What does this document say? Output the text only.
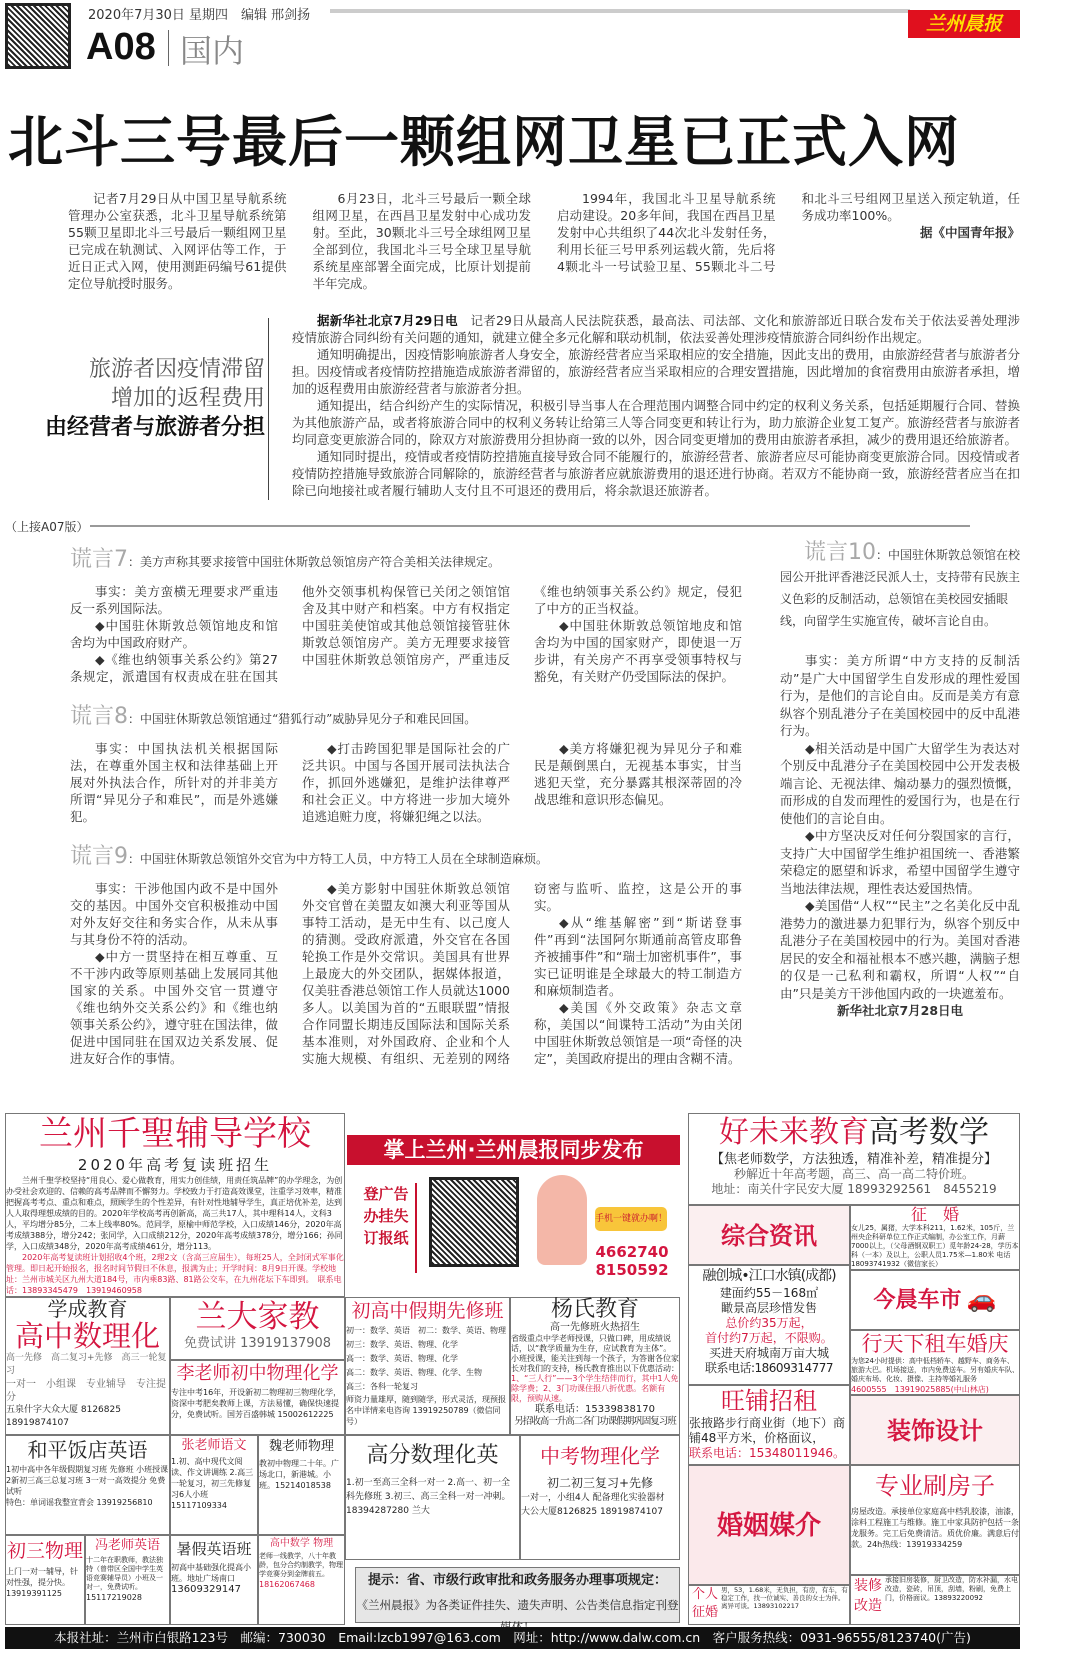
2020年7月30日 星期四　编辑 邢剑扬
A08 国内
兰州晨报
北斗三号最后一颗组网卫星已正式入网

记者7月29日从中国卫星导航系统管理办公室获悉，北斗卫星导航系统第55颗卫星即北斗三号最后一颗组网卫星已完成在轨测试、入网评估等工作，于近日正式入网，使用测距码编号61提供定位导航授时服务。

6月23日，北斗三号最后一颗全球组网卫星，在西昌卫星发射中心成功发射。至此，30颗北斗三号全球组网卫星全部到位，我国北斗三号全球卫星导航系统星座部署全面完成，比原计划提前半年完成。

1994年，我国北斗卫星导航系统启动建设。20多年间，我国在西昌卫星发射中心共组织了44次北斗发射任务，利用长征三号甲系列运载火箭，先后将4颗北斗一号试验卫星、55颗北斗二号和北斗三号组网卫星送入预定轨道，任务成功率100%。

据《中国青年报》

旅游者因疫情滞留
增加的返程费用
由经营者与旅游者分担

据新华社北京7月29日电　 记者29日从最高人民法院获悉，最高法、司法部、文化和旅游部近日联合发布关于依法妥善处理涉疫情旅游合同纠纷有关问题的通知，就建立健全多元化解和联动机制，依法妥善处理涉疫情旅游合同纠纷作出规定。

通知明确提出，因疫情影响旅游者人身安全，旅游经营者应当采取相应的安全措施，因此支出的费用，由旅游经营者与旅游者分担。因疫情或者疫情防控措施造成旅游者滞留的，旅游经营者应当采取相应的合理安置措施，因此增加的食宿费用由旅游者承担，增加的返程费用由旅游经营者与旅游者分担。

通知提出，结合纠纷产生的实际情况，积极引导当事人在合理范围内调整合同中约定的权利义务关系，包括延期履行合同、替换为其他旅游产品，或者将旅游合同中的权利义务转让给第三人等合同变更和转让行为，助力旅游企业复工复产。旅游经营者与旅游者均同意变更旅游合同的，除双方对旅游费用分担协商一致的以外，因合同变更增加的费用由旅游者承担，减少的费用退还给旅游者。

通知同时提出，疫情或者疫情防控措施直接导致合同不能履行的，旅游经营者、旅游者应尽可能协商变更旅游合同。因疫情或者疫情防控措施导致旅游合同解除的，旅游经营者与旅游者应就旅游费用的退还进行协商。若双方不能协商一致，旅游经营者应当在扣除已向地接社或者履行辅助人支付且不可退还的费用后，将余款退还旅游者。

（上接A07版）
谎言7：美方声称其要求接管中国驻休斯敦总领馆房产符合美相关法律规定。

事实：美方蛮横无理要求严重违反一系列国际法。

◆中国驻休斯敦总领馆地皮和馆舍均为中国政府财产。

◆《维也纳领事关系公约》第27条规定，派遣国有权责成在驻在国其他外交领事机构保管已关闭之领馆馆舍及其中财产和档案。中方有权指定中国驻美使馆或其他总领馆接管驻休斯敦总领馆房产。美方无理要求接管中国驻休斯敦总领馆房产，严重违反《维也纳领事关系公约》规定，侵犯了中方的正当权益。

◆中国驻休斯敦总领馆地皮和馆舍均为中国的国家财产，即使退一万步讲，有关房产不再享受领事特权与豁免，有关财产仍受国际法的保护。

谎言8：中国驻休斯敦总领馆通过“猎狐行动”威胁异见分子和难民回国。

事实：中国执法机关根据国际法，在尊重外国主权和法律基础上开展对外执法合作，所针对的并非美方所谓“异见分子和难民”，而是外逃嫌犯。

◆打击跨国犯罪是国际社会的广泛共识。中国与各国开展司法执法合作，抓回外逃嫌犯，是维护法律尊严和社会正义。中方将进一步加大境外追逃追赃力度，将嫌犯绳之以法。

◆美方将嫌犯视为异见分子和难民是颠倒黑白，无视基本事实，甘当逃犯天堂，充分暴露其根深蒂固的冷战思维和意识形态偏见。

谎言9：中国驻休斯敦总领馆外交官为中方特工人员，中方特工人员在全球制造麻烦。

事实：干涉他国内政不是中国外交的基因。中国外交官积极推动中国对外友好交往和务实合作，从未从事与其身份不符的活动。

◆中方一贯坚持在相互尊重、互不干涉内政等原则基础上发展同其他国家的关系。中国外交官一贯遵守《维也纳外交关系公约》和《维也纳领事关系公约》，遵守驻在国法律，做促进中国同驻在国双边关系发展、促进友好合作的事情。

◆美方影射中国驻休斯敦总领馆外交官曾在美盟友如澳大利亚等国从事特工活动，是无中生有、以己度人的猜测。受政府派遣，外交官在各国轮换工作是外交常识。美国具有世界上最庞大的外交团队，据媒体报道，仅美驻香港总领馆工作人员就达1000多人。以美国为首的“五眼联盟”情报合作同盟长期违反国际法和国际关系基本准则，对外国政府、企业和个人实施大规模、有组织、无差别的网络窃密与监听、监控，这是公开的事实。

◆从“维基解密”到“斯诺登事件”再到“法国阿尔斯通前高管皮耶鲁齐被捕事件”和“瑞士加密机事件”，事实已证明谁是全球最大的特工制造方和麻烦制造者。

◆美国《外交政策》杂志文章称，美国以“间谍特工活动”为由关闭中国驻休斯敦总领馆是一项“奇怪的决定”，美国政府提出的理由含糊不清。

谎言10：中国驻休斯敦总领馆在校园公开批评香港泛民派人士，支持带有民族主义色彩的反制活动，总领馆在美校园安插眼线，向留学生实施宣传，破坏言论自由。

事实：美方所谓“中方支持的反制活动”是广大中国留学生自发形成的理性爱国行为，是他们的言论自由。反而是美方有意纵容个别乱港分子在美国校园中的反中乱港行为。

◆相关活动是中国广大留学生为表达对个别反中乱港分子在美国校园中公开发表极端言论、无视法律、煽动暴力的强烈愤慨，而形成的自发而理性的爱国行为，也是在行使他们的言论自由。

◆中方坚决反对任何分裂国家的言行，支持广大中国留学生维护祖国统一、香港繁荣稳定的愿望和诉求，希望中国留学生遵守当地法律法规，理性表达爱国热情。

◆美国借“人权”“民主”之名美化反中乱港势力的激进暴力犯罪行为，纵容个别反中乱港分子在美国校园中的行为。美国对香港居民的安全和福祉根本不感兴趣，满脑子想的仅是一己私利和霸权，所谓“人权”“自由”只是美方干涉他国内政的一块遮羞布。

新华社北京7月28日电

兰州千聖辅导学校
2020年高考复读班招生
兰州千聖学校坚持“用良心、爱心做教育，用实力创佳绩，用责任筑品牌”的办学理念，为创办受社会欢迎的、信赖的高考品牌而不懈努力。学校致力于打造高效课堂，注重学习效率，精准把握高考考点、重点和难点，照顾学生的个性差异，有针对性地辅导学生，真正培优补差，达到人人取得理想成绩的目的。2020年学校高考再创新高，高三共17人，其中理科14人，文科3人，平均增分85分，二本上线率80%。范同学，原榆中师范学校，入口成绩146分，2020年高考成绩388分，增分242；张同学，入口成绩212分，2020年高考成绩378分，增分166；孙同学，入口成绩348分，2020年高考成绩461分，增分113。
2020年高考复读班计划招收4个班，2理2文（含高三应届生），每班25人，全封闭式军事化管理。即日起开始报名，报名时间节假日不休息，报满为止；开学时间：8月9日开课。学校地址：兰州市城关区九州大道184号，市内乘83路、81路公交车，在九州花坛下车即到。　联系电话：13893345479　13919460958
掌上兰州·兰州晨报同步发布
登广告
办挂失
订报纸
手机一键就办啊！
4662740
8150592
好未来教育高考数学
【焦老师数学，方法独透，精准补差，精准提分】
秒解近十年高考题，高三、高一高二特价班。
地址：南关什字民安大厦 18993292561　8455219
综合资讯
征　婚
女儿25，属猪，大学本科211，1.62米，105斤，兰州央企科研单位工作正式编制，办公室工作，月薪7000以上，（父母酒钢双职工）觅年龄24-28，学历本科（一本）及以上，公职人员1.75米—1.80米 电话 18093741932（微信家长）
融创城•江口水镇(成都)
建面约55－168㎡
瞰景高层珍惜发售
总价约35万起，
首付约7万起，不限购。
买进天府城南万亩大城
联系电话:18609314777
今晨车市 🚗
行天下租车婚庆
为您24小时提供：高中低档轿车、越野车、商务车、旅游大巴。机场接送，市内免费送车。另有婚庆车队、婚庆布场、化妆、摄像、主持等婚礼服务
4600555　13919025885(中山林店)
旺铺招租
张掖路步行商业街（地下）商铺48平方米，价格面议，
联系电话：15348011946。
装饰设计
学成教育
高中数理化
高一先修　高二复习+先修　高三一轮复习
一对一　小组课　专业辅导　专注提分
五泉什字大众大厦 8126825 18919874107
兰大家教
免费试讲 13919137908
李老师初中物理化学
专注中考16年，开设新初二物理初三物理化学，资深中考肥矣教师上课，方法易懂，确保快速提分，免费试听。国芳百盛韩城 15002612225
初高中假期先修班
初一：数学、英语　初二：数学、英语、物理
初三：数学、英语、物理、化学
高一：数学、英语、物理、化学
高二：数学、英语、物理、化学、生物
高三：各科一轮复习
师资力量雄厚，随到随学，形式灵活，现预报名中详情来电咨询 13919250789（微信同号）
杨氏教育
高一先修班火热招生
省级重点中学老师授课，只做口碑，用成绩说话，以“教学质量为生存，应试教育为主体”。小班授课，能关注到每一个孩子，为答谢各位家长对我们的支持，杨氏教育推出以下优惠活动：
1、“三人行”——3个学生结伴而行，其中1人免除学费；2、3门功课住报八折优惠。名额有限，预购从速。
联系电话：15339838170
另招收高一升高二各门功课假期巩固复习班
和平饭店英语
1初中高中各年级假期复习班 先修班 小班授课 2新初三高三总复习班 3一对一高效提分 免费试听
特色：单词谣我整宣背会 13919256810
张老师语文
1.初、高中现代文阅读、作文讲调练 2.高三一轮复习，初三先修复习6人小班
15117109334
魏老师物理
教初中物理二十年。广场北口，新港城。小班。15214018538
高分数理化英
1.初一至高三全科一对一 2.高一、初一全科先修班 3.初三、高三全科一对一冲刺。18394287280 兰大
中考物理化学
初二初三复习+先修
一对一，小组4人 配备理化实验器材
大公大厦8126825 18919874107
初三物理
上门一对一辅导，针对性强，提分快。
13919391125
冯老师英语
十二年在职教师，教法独特（曾带区全国中学生英语竞赛辅导员）小班及一对一，免费试听。
15117219028
暑假英语班
初高中基础强化提高小班。地址广场南口
13609329147
高中数学 物理
老师一线教学，八十年教龄，包分合约制教学，物理学竞赛分到金牌前五。
18162067468	提示：省、市级行政审批和政务服务办理事项规定：
《兰州晨报》为各类证件挂失、遗失声明、公告类信息指定刊登
婚姻媒介
个人征婚
男，53，1.68米，无负担，有房，有车，有稳定工作，找一位诚实、善良的女士为伴。离异可谈。13893102217
专业刷房子
房屋改造。承接单位家庭高中档乳胶漆，油漆，涂料工程施工与维修。施工中家具防护包括一条龙服务。完工后免费清洁。质优价廉。满意后付款。24h热线：13919334259
装修改造
承接旧房装修，厨卫改造，防水补漏，水电改造，瓷砖，吊顶，刮墙，粉刷，免费上门，价格面议。13893220092
本报社址：兰州市白银路123号　邮编：730030　Email:lzcb1997@163.com　网址：http://www.dalw.com.cn　客户服务热线：0931-96555/8123740(广告)
